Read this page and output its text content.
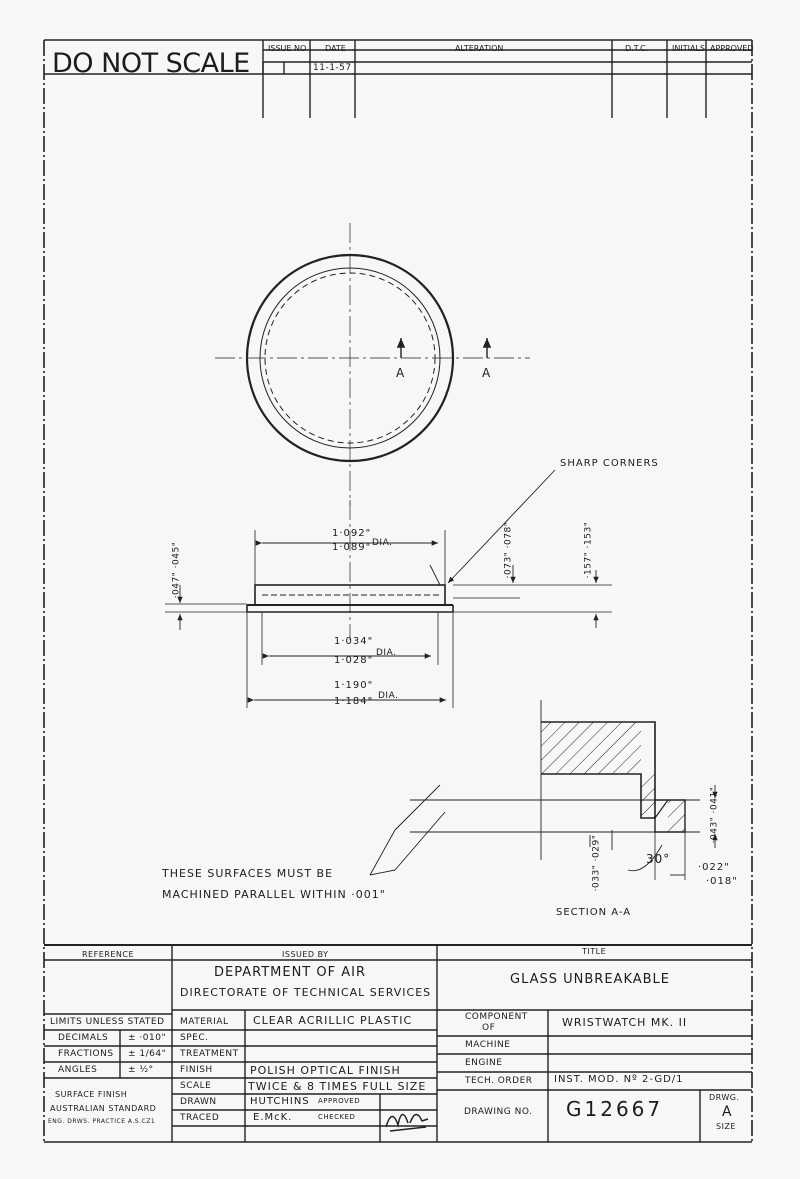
DO NOT SCALE ISSUE NO DATE	ALTERATION	D.T.C.	INITIALS APPROVED
11-1-57
A	A
SHARP CORNERS
1·092"
1·089" DIA.
1·034"
1·028"
DIA.
1·190"
1·184" DIA.
·047" ·045"	·073" ·078"	·157" ·153"
·043" ·041"
·033" ·029"	·022"
·018"
30°
THESE SURFACES MUST BE
MACHINED PARALLEL WITHIN ·001"
SECTION A-A
REFERENCE	ISSUED BY	TITLE
DEPARTMENT OF AIR
DIRECTORATE OF TECHNICAL SERVICES
GLASS UNBREAKABLE
LIMITS UNLESS STATED
DECIMALS ± ·010"
FRACTIONS ± 1/64"
ANGLES	± ½°
SURFACE FINISH
AUSTRALIAN STANDARD
ENG. DRWS. PRACTICE A.S.CZ1
MATERIAL CLEAR ACRILLIC PLASTIC
SPEC.
TREATMENT
FINISH	POLISH OPTICAL FINISH
SCALE	TWICE & 8 TIMES FULL SIZE
DRAWN	HUTCHINS APPROVED
TRACED	E.McK.	CHECKED
COMPONENT
OF	WRISTWATCH MK. II
MACHINE
ENGINE
TECH. ORDER INST. MOD. Nº 2-GD/1
DRAWING NO. G12667	DRWG.
A
SIZE
